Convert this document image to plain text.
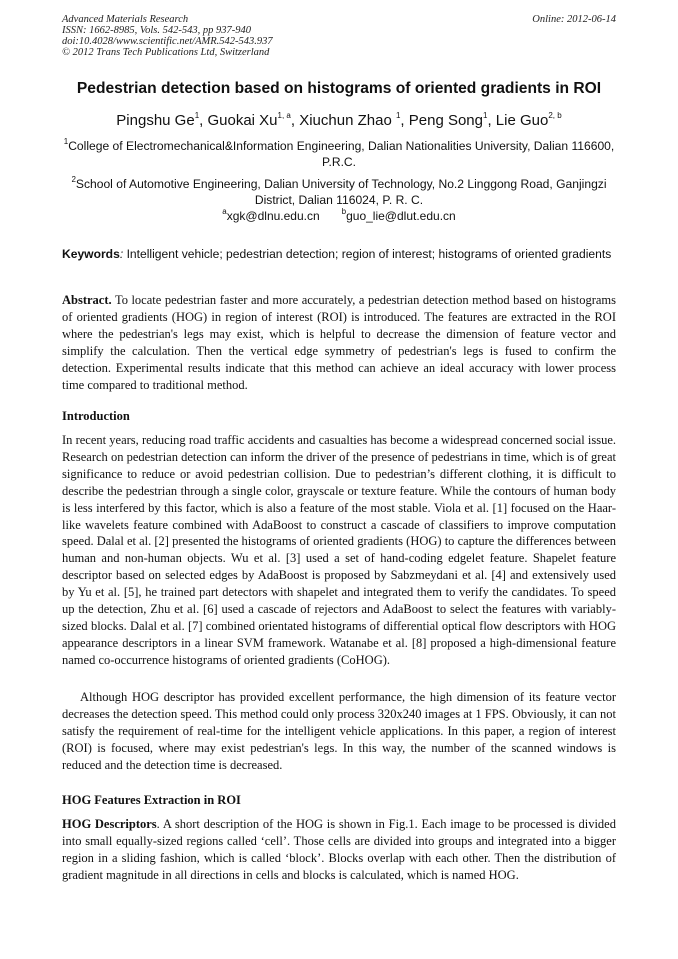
Advanced Materials Research
ISSN: 1662-8985, Vols. 542-543, pp 937-940
doi:10.4028/www.scientific.net/AMR.542-543.937
© 2012 Trans Tech Publications Ltd, Switzerland
Online: 2012-06-14
Pedestrian detection based on histograms of oriented gradients in ROI
Pingshu Ge$^1$, Guokai Xu$^{1, a}$, Xiuchun Zhao $^1$, Peng Song$^1$, Lie Guo$^{2, b}$
$^1$College of Electromechanical&Information Engineering, Dalian Nationalities University, Dalian 116600, P.R.C.
$^2$School of Automotive Engineering, Dalian University of Technology, No.2 Linggong Road, Ganjingzi District, Dalian 116024, P. R. C.
$^a$xgk@dlnu.edu.cn	$^b$guo_lie@dlut.edu.cn
Keywords: Intelligent vehicle; pedestrian detection; region of interest; histograms of oriented gradients
Abstract. To locate pedestrian faster and more accurately, a pedestrian detection method based on histograms of oriented gradients (HOG) in region of interest (ROI) is introduced. The features are extracted in the ROI where the pedestrian's legs may exist, which is helpful to decrease the dimension of feature vector and simplify the calculation. Then the vertical edge symmetry of pedestrian's legs is fused to confirm the detection. Experimental results indicate that this method can achieve an ideal accuracy with lower process time compared to traditional method.
Introduction
In recent years, reducing road traffic accidents and casualties has become a widespread concerned social issue. Research on pedestrian detection can inform the driver of the presence of pedestrians in time, which is of great significance to reduce or avoid pedestrian collision. Due to pedestrian’s different clothing, it is difficult to describe the pedestrian through a single color, grayscale or texture feature. While the contours of human body is less interfered by this factor, which is also a feature of the most stable. Viola et al. [1] focused on the Haar-like wavelets feature combined with AdaBoost to construct a cascade of classifiers to improve computation speed. Dalal et al. [2] presented the histograms of oriented gradients (HOG) to capture the differences between human and non-human objects. Wu et al. [3] used a set of hand-coding edgelet feature. Shapelet feature descriptor based on selected edges by AdaBoost is proposed by Sabzmeydani et al. [4] and extensively used by Yu et al. [5], he trained part detectors with shapelet and integrated them to verify the candidates. To speed up the detection, Zhu et al. [6] used a cascade of rejectors and AdaBoost to select the features with variably-sized blocks. Dalal et al. [7] combined orientated histograms of differential optical flow descriptors with HOG appearance descriptors in a linear SVM framework. Watanabe et al. [8] proposed a high-dimensional feature named co-occurrence histograms of oriented gradients (CoHOG).
Although HOG descriptor has provided excellent performance, the high dimension of its feature vector decreases the detection speed. This method could only process 320x240 images at 1 FPS. Obviously, it can not satisfy the requirement of real-time for the intelligent vehicle applications. In this paper, a region of interest (ROI) is focused, where may exist pedestrian's legs. In this way, the number of the scanned windows is reduced and the detection time is decreased.
HOG Features Extraction in ROI
HOG Descriptors. A short description of the HOG is shown in Fig.1. Each image to be processed is divided into small equally-sized regions called ‘cell’. Those cells are divided into groups and integrated into a bigger region in a sliding fashion, which is called ‘block’. Blocks overlap with each other. Then the distribution of gradient magnitude in all directions in cells and blocks is calculated, which is named HOG.
